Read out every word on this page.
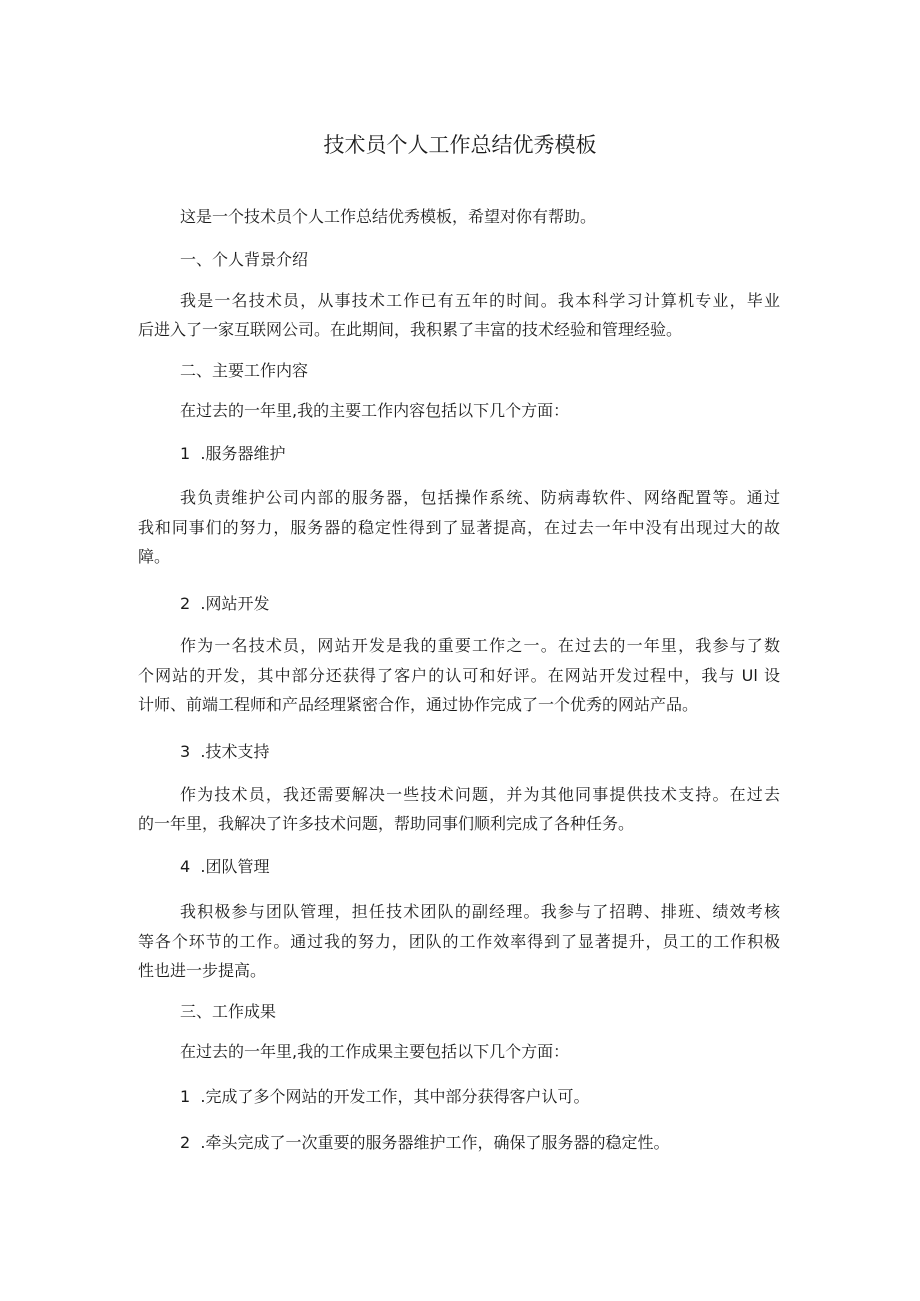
技术员个人工作总结优秀模板

这是一个技术员个人工作总结优秀模板，希望对你有帮助。

一、个人背景介绍

我是一名技术员，从事技术工作已有五年的时间。我本科学习计算机专业，毕业

后进入了一家互联网公司。在此期间，我积累了丰富的技术经验和管理经验。

二、主要工作内容

在过去的一年里,我的主要工作内容包括以下几个方面：

1  .服务器维护

我负责维护公司内部的服务器，包括操作系统、防病毒软件、网络配置等。通过

我和同事们的努力，服务器的稳定性得到了显著提高，在过去一年中没有出现过大的故

障。

2  .网站开发

作为一名技术员，网站开发是我的重要工作之一。在过去的一年里，我参与了数

个网站的开发，其中部分还获得了客户的认可和好评。在网站开发过程中，我与 Ul 设

计师、前端工程师和产品经理紧密合作，通过协作完成了一个优秀的网站产品。

3  .技术支持

作为技术员，我还需要解决一些技术问题，并为其他同事提供技术支持。在过去

的一年里，我解决了许多技术问题，帮助同事们顺利完成了各种任务。

4  .团队管理

我积极参与团队管理，担任技术团队的副经理。我参与了招聘、排班、绩效考核

等各个环节的工作。通过我的努力，团队的工作效率得到了显著提升，员工的工作积极

性也进一步提高。

三、工作成果

在过去的一年里,我的工作成果主要包括以下几个方面：

1  .完成了多个网站的开发工作，其中部分获得客户认可。

2  .牵头完成了一次重要的服务器维护工作，确保了服务器的稳定性。
